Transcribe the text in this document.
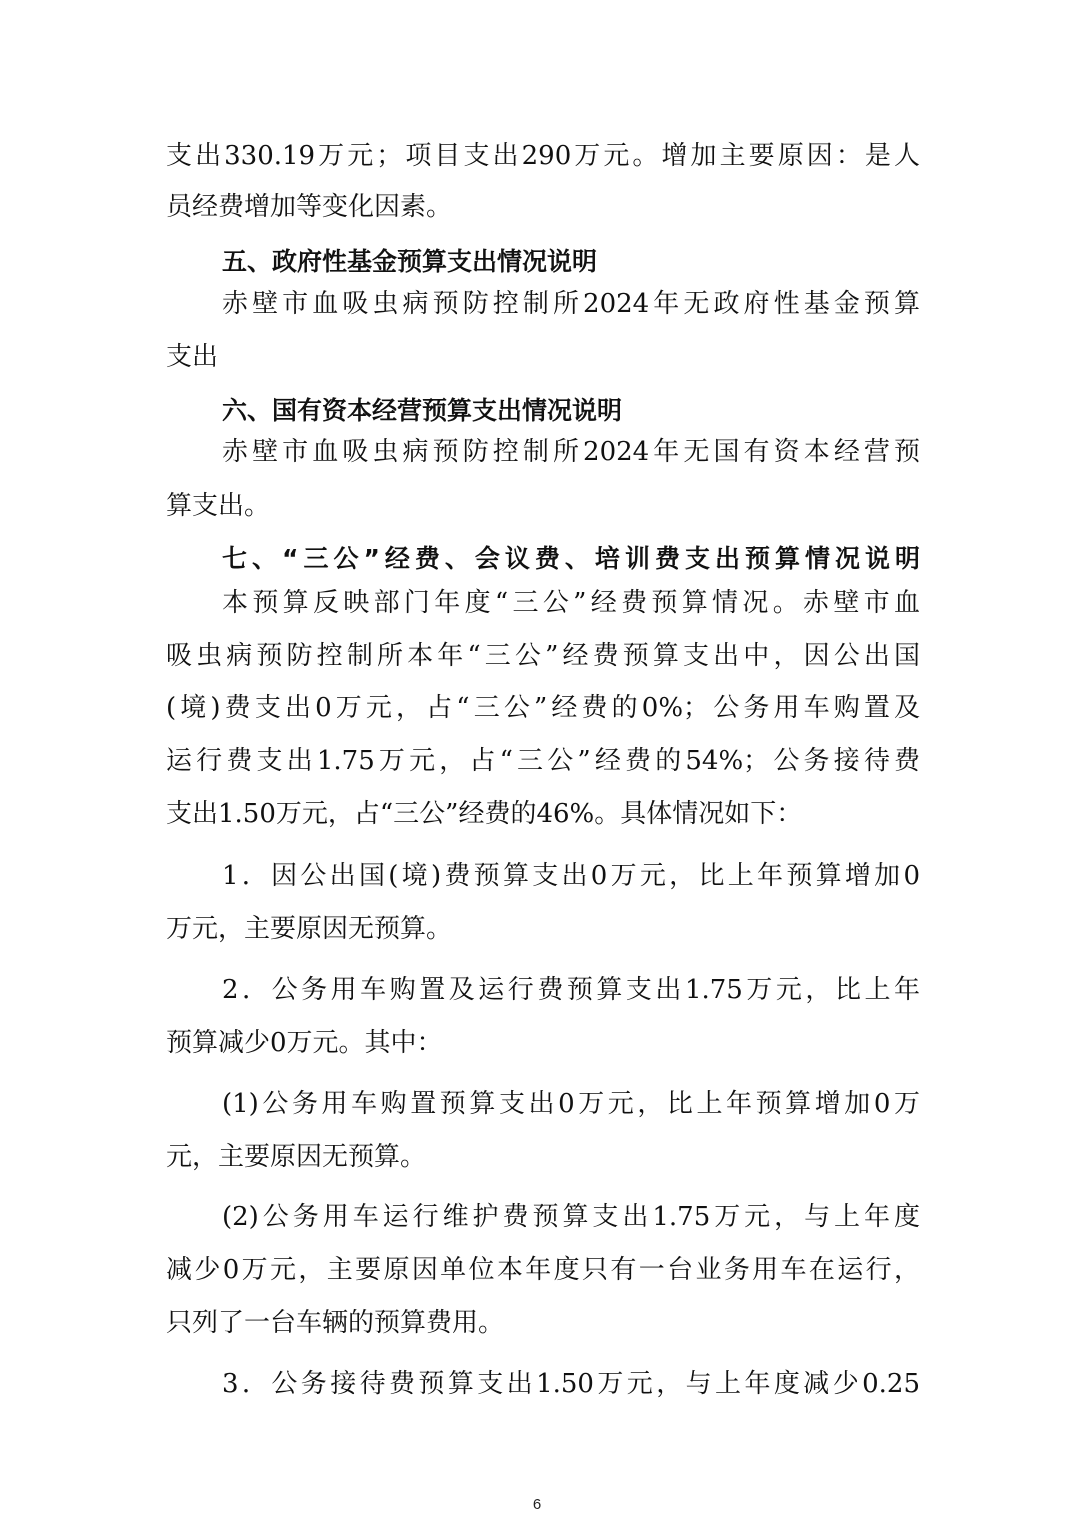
支出330.19万元；项目支出290万元。增加主要原因：是人
员经费增加等变化因素。
五、政府性基金预算支出情况说明
赤壁市血吸虫病预防控制所2024年无政府性基金预算
支出
六、国有资本经营预算支出情况说明
赤壁市血吸虫病预防控制所2024年无国有资本经营预
算支出。
七、“三公”经费、会议费、培训费支出预算情况说明
本预算反映部门年度“三公”经费预算情况。赤壁市血
吸虫病预防控制所本年“三公”经费预算支出中，因公出国
(境)费支出0万元，占“三公”经费的0%；公务用车购置及
运行费支出1.75万元，占“三公”经费的54%；公务接待费
支出1.50万元，占“三公”经费的46%。具体情况如下：
1．因公出国(境)费预算支出0万元，比上年预算增加0
万元，主要原因无预算。
2．公务用车购置及运行费预算支出1.75万元，比上年
预算减少0万元。其中：
(1)公务用车购置预算支出0万元，比上年预算增加0万
元，主要原因无预算。
(2)公务用车运行维护费预算支出1.75万元，与上年度
减少0万元，主要原因单位本年度只有一台业务用车在运行，
只列了一台车辆的预算费用。
3．公务接待费预算支出1.50万元，与上年度减少0.25
6
